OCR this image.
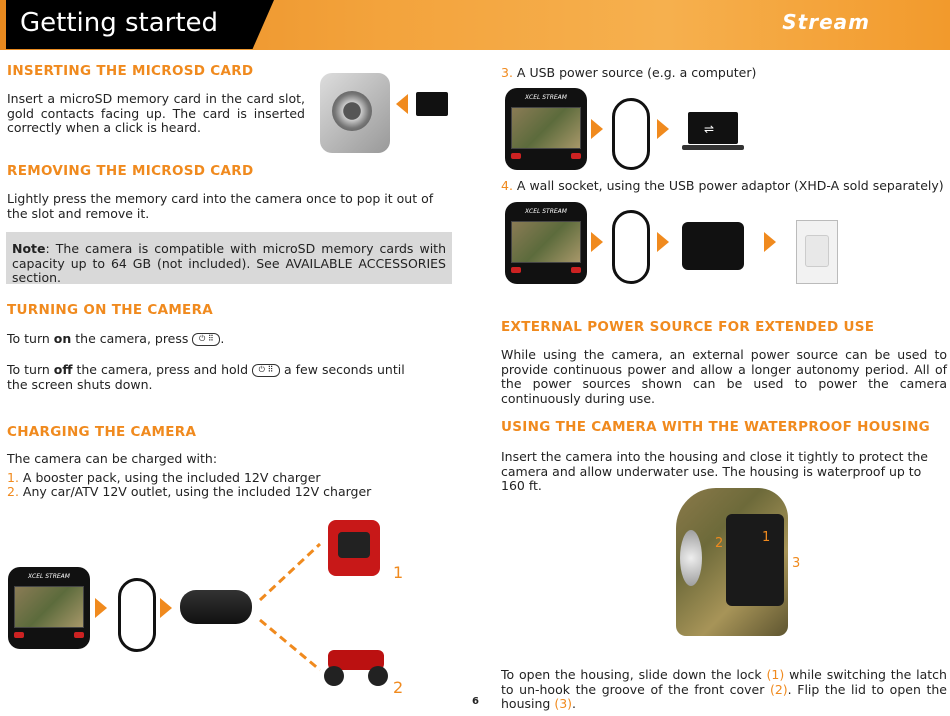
Getting started	Stream
INSERTING THE MICROSD CARD
Insert a microSD memory card in the card slot, gold contacts facing up. The card is inserted correctly when a click is heard.
REMOVING THE MICROSD CARD
Lightly press the memory card into the camera once to pop it out of the slot and remove it.
Note: The camera is compatible with microSD memory cards with capacity up to 64 GB (not included). See AVAILABLE ACCESSORIES section.
TURNING ON THE CAMERA
To turn on the camera, press ⏻ ⠿ .
To turn off the camera, press and hold ⏻ ⠿ a few seconds until the screen shuts down.
CHARGING THE CAMERA
The camera can be charged with:
1. A booster pack, using the included 12V charger
2. Any car/ATV 12V outlet, using the included 12V charger
XCEL STREAM	1
2
6
3. A USB power source (e.g. a computer)
XCEL STREAM
⇌
4. A wall socket, using the USB power adaptor (XHD-A sold separately)
XCEL STREAM
EXTERNAL POWER SOURCE FOR EXTENDED USE
While using the camera, an external power source can be used to provide continuous power and allow a longer autonomy period. All of the power sources shown can be used to power the camera continuously during use.
USING THE CAMERA WITH THE WATERPROOF HOUSING
Insert the camera into the housing and close it tightly to protect the camera and allow underwater use. The housing is waterproof up to 160 ft.
2	1
3
To open the housing, slide down the lock (1) while switching the latch to un-hook the groove of the front cover (2). Flip the lid to open the housing (3).
